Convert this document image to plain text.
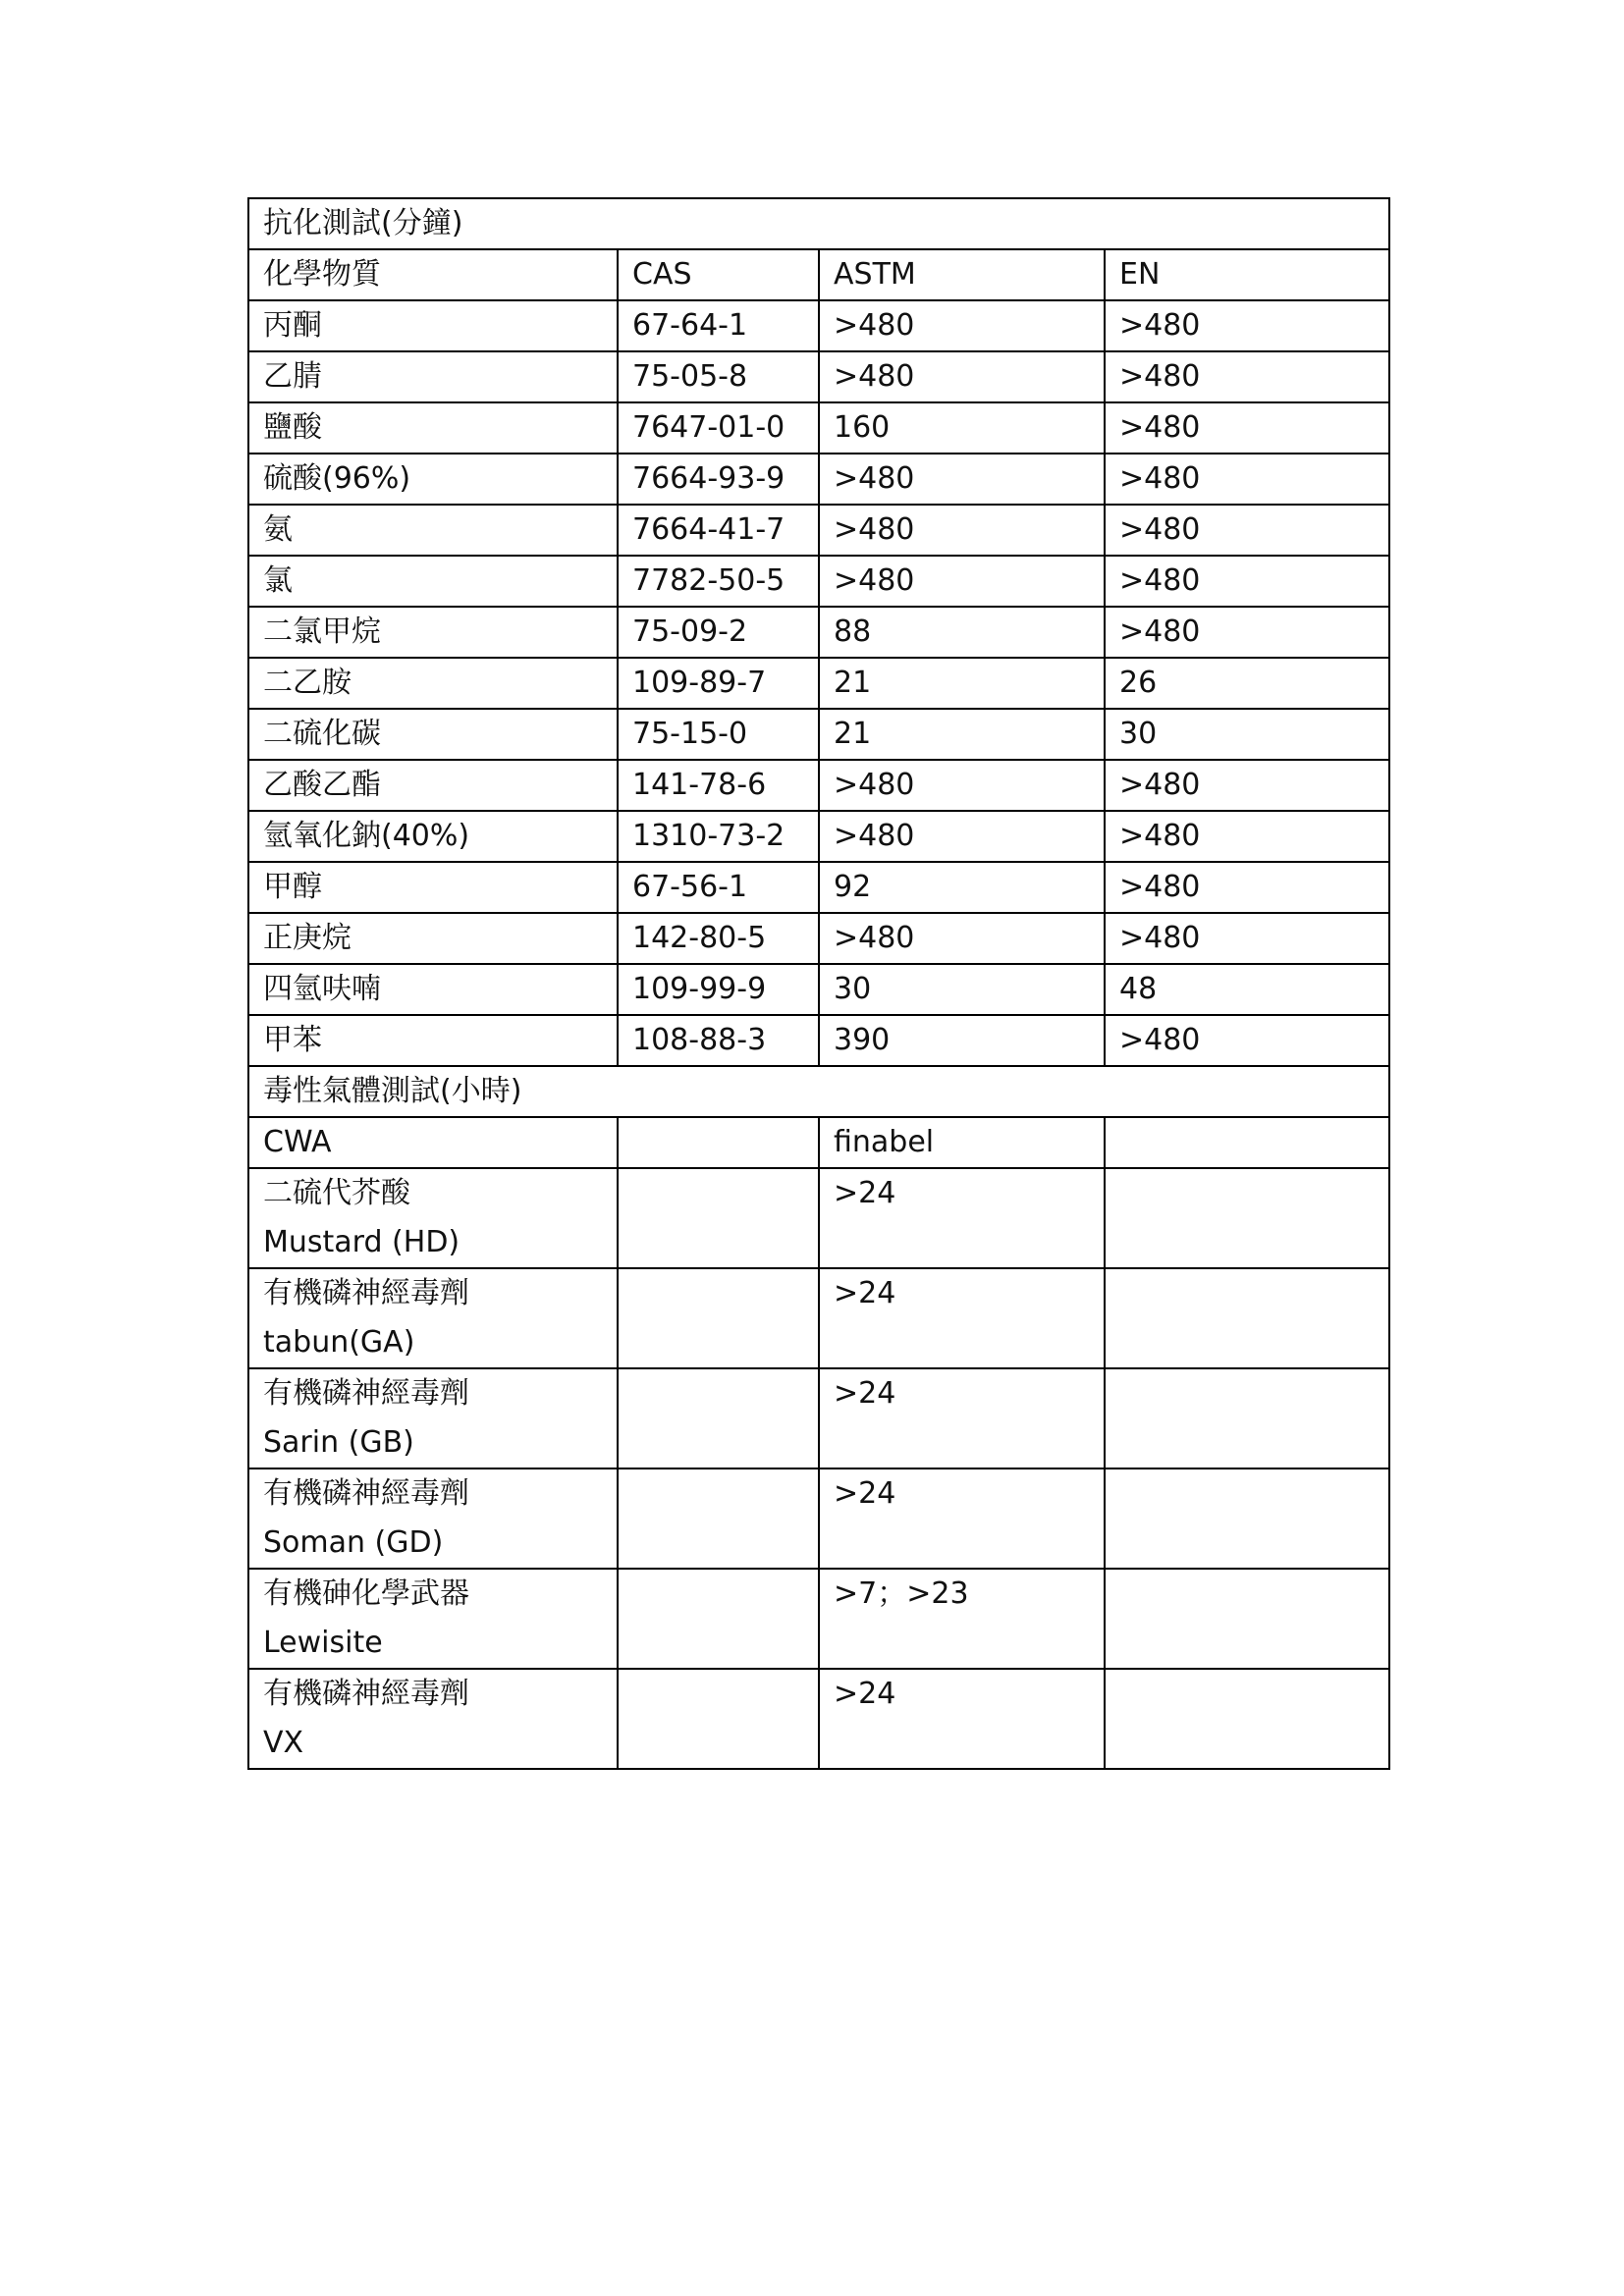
抗化測試(分鐘)			
化學物質	CAS	ASTM	EN
丙酮	67-64-1	>480	>480
乙腈	75-05-8	>480	>480
鹽酸	7647-01-0	160	>480
硫酸(96%)	7664-93-9	>480	>480
氨	7664-41-7	>480	>480
氯	7782-50-5	>480	>480
二氯甲烷	75-09-2	88	>480
二乙胺	109-89-7	21	26
二硫化碳	75-15-0	21	30
乙酸乙酯	141-78-6	>480	>480
氫氧化鈉(40%)	1310-73-2	>480	>480
甲醇	67-56-1	92	>480
正庚烷	142-80-5	>480	>480
四氫呋喃	109-99-9	30	48
甲苯	108-88-3	390	>480
毒性氣體測試(小時)			
CWA		finabel	

二硫代芥酸
Mustard (HD)		>24	

有機磷神經毒劑
tabun(GA)		>24	

有機磷神經毒劑
Sarin (GB)		>24	

有機磷神經毒劑
Soman (GD)		>24	

有機砷化學武器
Lewisite		>7；>23	

有機磷神經毒劑
VX		>24	
